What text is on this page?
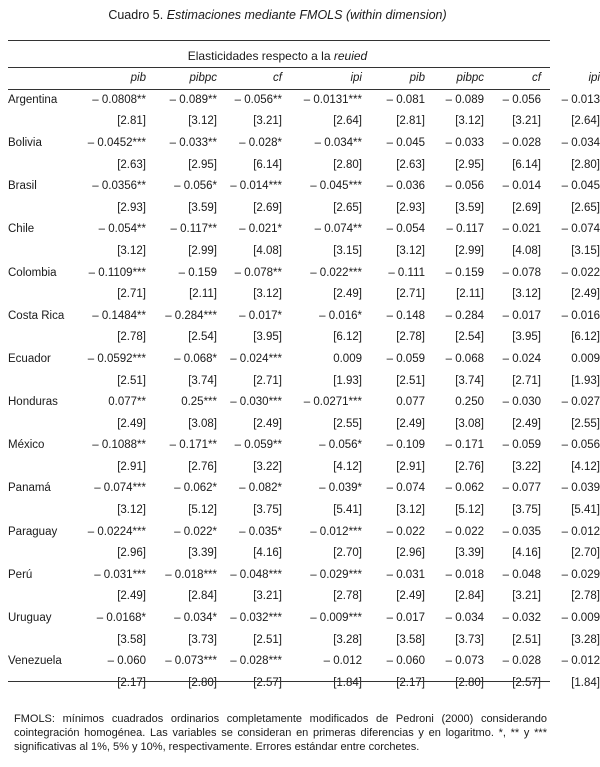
Cuadro 5. Estimaciones mediante FMOLS (within dimension)
Elasticidades respecto a la reuied
	pib	pibpc	cf	ipi	pib	pibpc	cf	ipi
Argentina	– 0.0808**	– 0.089**	– 0.056**	– 0.0131***	– 0.081	– 0.089	– 0.056	– 0.013
	[2.81]	[3.12]	[3.21]	[2.64]	[2.81]	[3.12]	[3.21]	[2.64]
Bolivia	– 0.0452***	– 0.033**	– 0.028*	– 0.034**	– 0.045	– 0.033	– 0.028	– 0.034
	[2.63]	[2.95]	[6.14]	[2.80]	[2.63]	[2.95]	[6.14]	[2.80]
Brasil	– 0.0356**	– 0.056*	– 0.014***	– 0.045***	– 0.036	– 0.056	– 0.014	– 0.045
	[2.93]	[3.59]	[2.69]	[2.65]	[2.93]	[3.59]	[2.69]	[2.65]
Chile	– 0.054**	– 0.117**	– 0.021*	– 0.074**	– 0.054	– 0.117	– 0.021	– 0.074
	[3.12]	[2.99]	[4.08]	[3.15]	[3.12]	[2.99]	[4.08]	[3.15]
Colombia	– 0.1109***	– 0.159	– 0.078**	– 0.022***	– 0.111	– 0.159	– 0.078	– 0.022
	[2.71]	[2.11]	[3.12]	[2.49]	[2.71]	[2.11]	[3.12]	[2.49]
Costa Rica	– 0.1484**	– 0.284***	– 0.017*	– 0.016*	– 0.148	– 0.284	– 0.017	– 0.016
	[2.78]	[2.54]	[3.95]	[6.12]	[2.78]	[2.54]	[3.95]	[6.12]
Ecuador	– 0.0592***	– 0.068*	– 0.024***	0.009	– 0.059	– 0.068	– 0.024	0.009
	[2.51]	[3.74]	[2.71]	[1.93]	[2.51]	[3.74]	[2.71]	[1.93]
Honduras	0.077**	0.25***	– 0.030***	– 0.0271***	0.077	0.250	– 0.030	– 0.027
	[2.49]	[3.08]	[2.49]	[2.55]	[2.49]	[3.08]	[2.49]	[2.55]
México	– 0.1088**	– 0.171**	– 0.059**	– 0.056*	– 0.109	– 0.171	– 0.059	– 0.056
	[2.91]	[2.76]	[3.22]	[4.12]	[2.91]	[2.76]	[3.22]	[4.12]
Panamá	– 0.074***	– 0.062*	– 0.082*	– 0.039*	– 0.074	– 0.062	– 0.077	– 0.039
	[3.12]	[5.12]	[3.75]	[5.41]	[3.12]	[5.12]	[3.75]	[5.41]
Paraguay	– 0.0224***	– 0.022*	– 0.035*	– 0.012***	– 0.022	– 0.022	– 0.035	– 0.012
	[2.96]	[3.39]	[4.16]	[2.70]	[2.96]	[3.39]	[4.16]	[2.70]
Perú	– 0.031***	– 0.018***	– 0.048***	– 0.029***	– 0.031	– 0.018	– 0.048	– 0.029
	[2.49]	[2.84]	[3.21]	[2.78]	[2.49]	[2.84]	[3.21]	[2.78]
Uruguay	– 0.0168*	– 0.034*	– 0.032***	– 0.009***	– 0.017	– 0.034	– 0.032	– 0.009
	[3.58]	[3.73]	[2.51]	[3.28]	[3.58]	[3.73]	[2.51]	[3.28]
Venezuela	– 0.060	– 0.073***	– 0.028***	– 0.012	– 0.060	– 0.073	– 0.028	– 0.012
	[2.17]	[2.80]	[2.57]	[1.84]	[2.17]	[2.80]	[2.57]	[1.84]
FMOLS: mínimos cuadrados ordinarios completamente modificados de Pedroni (2000) considerando cointegración homogénea. Las variables se consideran en primeras diferencias y en logaritmo. *, ** y *** significativas al 1%, 5% y 10%, respectivamente. Errores estándar entre corchetes.
